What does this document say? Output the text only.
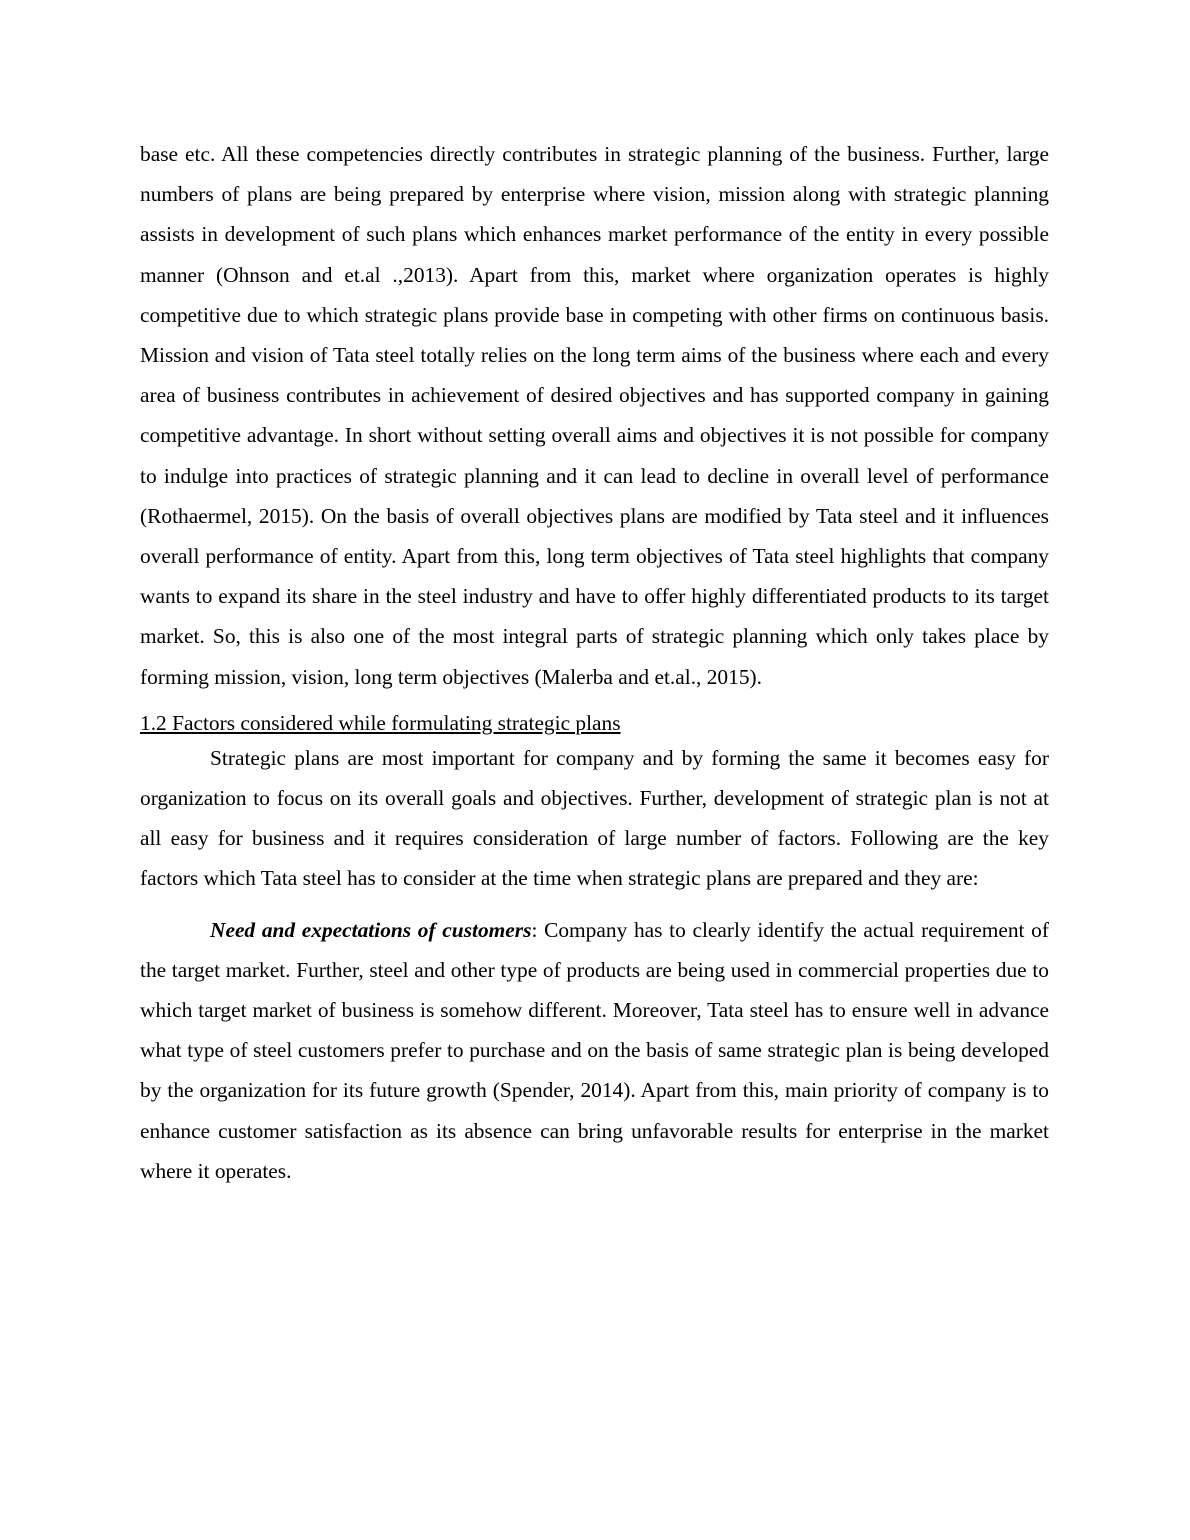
base etc. All these competencies directly contributes in strategic planning of the business. Further, large numbers of plans are being prepared by enterprise where vision, mission along with strategic planning assists in development of such plans which enhances market performance of the entity in every possible manner (Ohnson and et.al .,2013). Apart from this, market where organization operates is highly competitive due to which strategic plans provide base in competing with other firms on continuous basis. Mission and vision of Tata steel totally relies on the long term aims of the business where each and every area of business contributes in achievement of desired objectives and has supported company in gaining competitive advantage. In short without setting overall aims and objectives it is not possible for company to indulge into practices of strategic planning and it can lead to decline in overall level of performance (Rothaermel, 2015). On the basis of overall objectives plans are modified by Tata steel and it influences overall performance of entity. Apart from this, long term objectives of Tata steel highlights that company wants to expand its share in the steel industry and have to offer highly differentiated products to its target market. So, this is also one of the most integral parts of strategic planning which only takes place by forming mission, vision, long term objectives (Malerba and et.al., 2015).

1.2 Factors considered while formulating strategic plans

Strategic plans are most important for company and by forming the same it becomes easy for organization to focus on its overall goals and objectives. Further, development of strategic plan is not at all easy for business and it requires consideration of large number of factors. Following are the key factors which Tata steel has to consider at the time when strategic plans are prepared and they are:

Need and expectations of customers: Company has to clearly identify the actual requirement of the target market. Further, steel and other type of products are being used in commercial properties due to which target market of business is somehow different. Moreover, Tata steel has to ensure well in advance what type of steel customers prefer to purchase and on the basis of same strategic plan is being developed by the organization for its future growth (Spender, 2014). Apart from this, main priority of company is to enhance customer satisfaction as its absence can bring unfavorable results for enterprise in the market where it operates.
